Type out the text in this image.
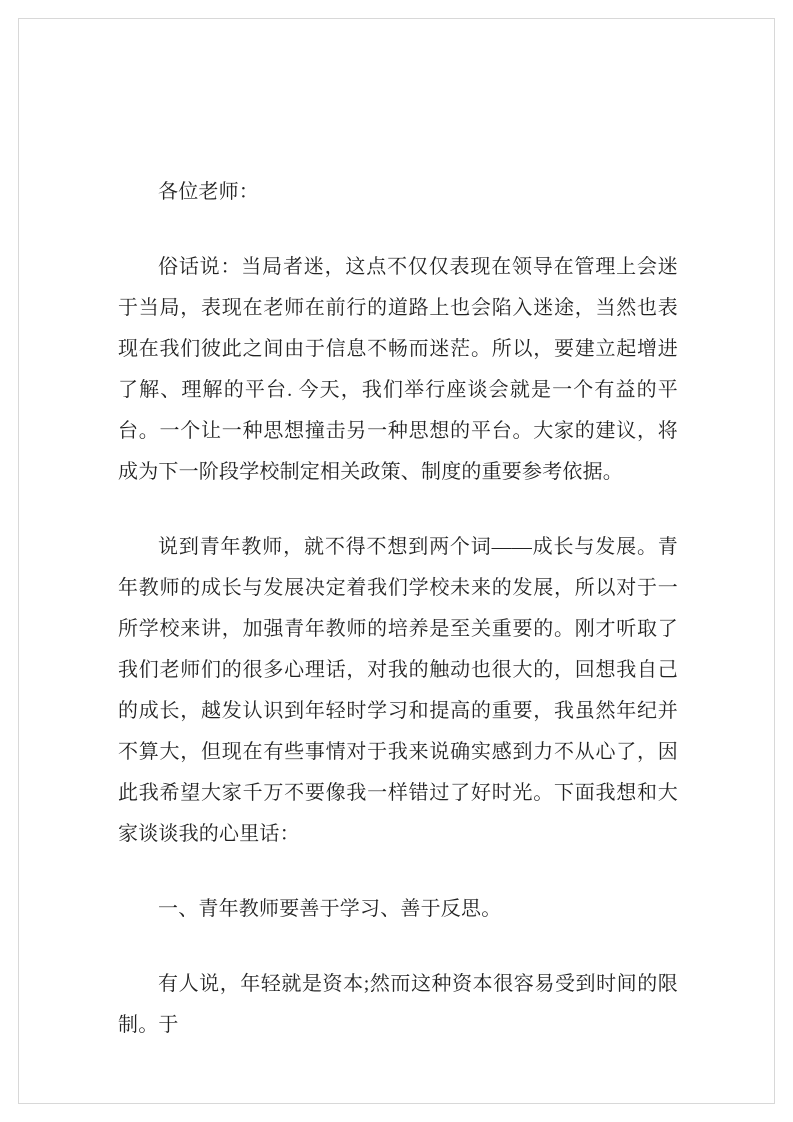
各位老师：

俗话说：当局者迷，这点不仅仅表现在领导在管理上会迷于当局，表现在老师在前行的道路上也会陷入迷途，当然也表现在我们彼此之间由于信息不畅而迷茫。所以，要建立起增进了解、理解的平台. 今天，我们举行座谈会就是一个有益的平台。一个让一种思想撞击另一种思想的平台。大家的建议，将成为下一阶段学校制定相关政策、制度的重要参考依据。

说到青年教师，就不得不想到两个词——成长与发展。青年教师的成长与发展决定着我们学校未来的发展，所以对于一所学校来讲，加强青年教师的培养是至关重要的。刚才听取了我们老师们的很多心理话，对我的触动也很大的，回想我自己的成长，越发认识到年轻时学习和提高的重要，我虽然年纪并不算大，但现在有些事情对于我来说确实感到力不从心了，因此我希望大家千万不要像我一样错过了好时光。下面我想和大家谈谈我的心里话：

一、青年教师要善于学习、善于反思。

有人说，年轻就是资本;然而这种资本很容易受到时间的限制。于
